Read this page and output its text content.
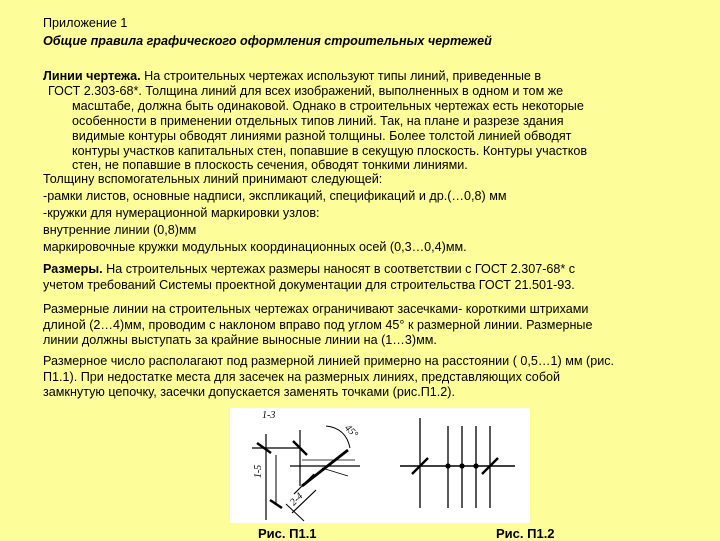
Приложение 1
Общие правила графического оформления строительных чертежей
Линии чертежа. На строительных чертежах используют типы линий, приведенные в
ГОСТ 2.303-68*. Толщина линий для всех изображений, выполненных в одном и том же
масштабе, должна быть одинаковой. Однако в строительных чертежах есть некоторые
особенности в применении отдельных типов линий. Так, на плане и разрезе здания
видимые контуры обводят линиями разной толщины. Более толстой линией обводят
контуры участков капитальных стен, попавшие в секущую плоскость. Контуры участков
стен, не попавшие в плоскость сечения, обводят тонкими линиями.
Толщину вспомогательных линий принимают следующей:
-рамки листов, основные надписи, экспликаций, спецификаций и др.(…0,8) мм
-кружки для нумерационной маркировки узлов:
внутренние линии (0,8)мм
маркировочные кружки модульных координационных осей (0,3…0,4)мм.
Размеры. На строительных чертежах размеры наносят в соответствии с ГОСТ 2.307-68* с
учетом требований Системы проектной документации для строительства ГОСТ 21.501-93.
Размерные линии на строительных чертежах ограничивают засечками- короткими штрихами
длиной (2…4)мм, проводим с наклоном вправо под углом 45° к размерной линии. Размерные
линии должны выступать за крайние выносные линии на (1…3)мм.
Размерное число располагают под размерной линией примерно на расстоянии ( 0,5…1) мм (рис.
П1.1). При недостатке места для засечек на размерных линиях, представляющих собой
замкнутую цепочку, засечки допускается заменять точками (рис.П1.2).
1-3
1-5
2-4
45°
Рис. П1.1	Рис. П1.2
